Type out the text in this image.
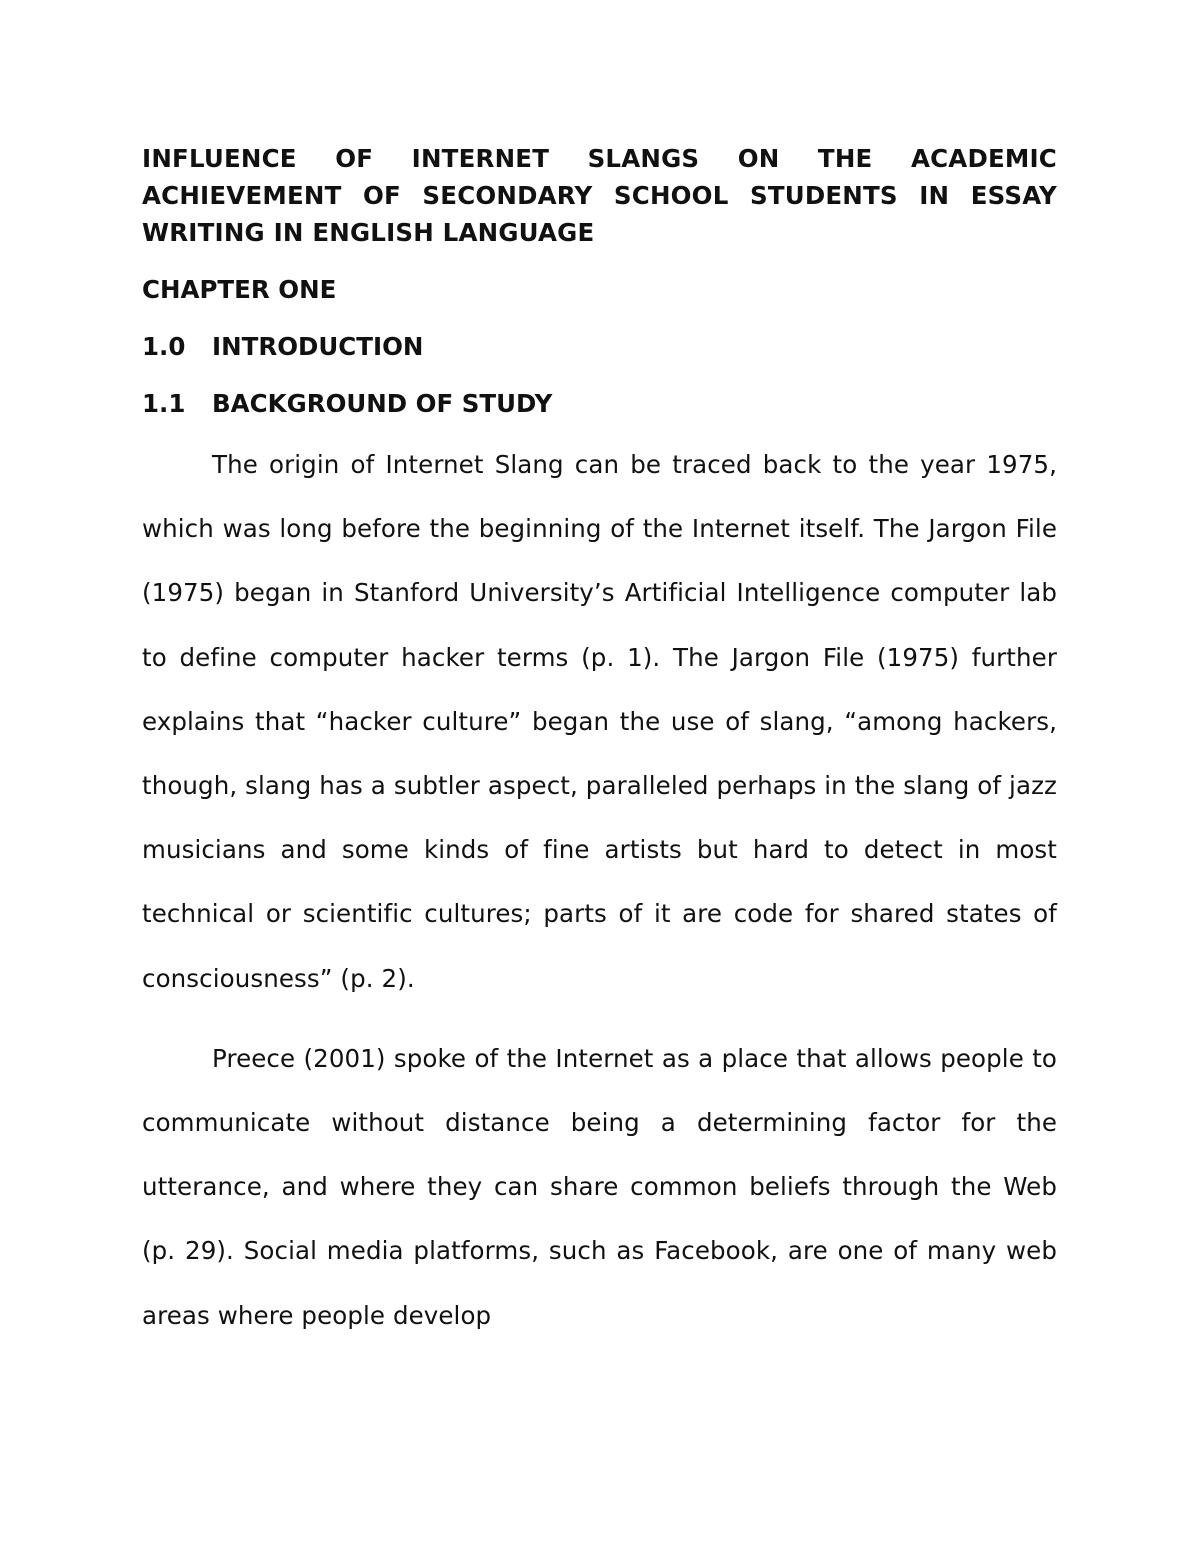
INFLUENCE OF INTERNET SLANGS ON THE ACADEMIC ACHIEVEMENT OF SECONDARY SCHOOL STUDENTS IN ESSAY WRITING IN ENGLISH LANGUAGE
CHAPTER ONE
1.0 INTRODUCTION
1.1 BACKGROUND OF STUDY

The origin of Internet Slang can be traced back to the year 1975, which was long before the beginning of the Internet itself. The Jargon File (1975) began in Stanford University’s Artificial Intelligence computer lab to define computer hacker terms (p. 1). The Jargon File (1975) further explains that “hacker culture” began the use of slang, “among hackers, though, slang has a subtler aspect, paralleled perhaps in the slang of jazz musicians and some kinds of fine artists but hard to detect in most technical or scientific cultures; parts of it are code for shared states of consciousness” (p. 2).

Preece (2001) spoke of the Internet as a place that allows people to communicate without distance being a determining factor for the utterance, and where they can share common beliefs through the Web (p. 29). Social media platforms, such as Facebook, are one of many web areas where people develop
